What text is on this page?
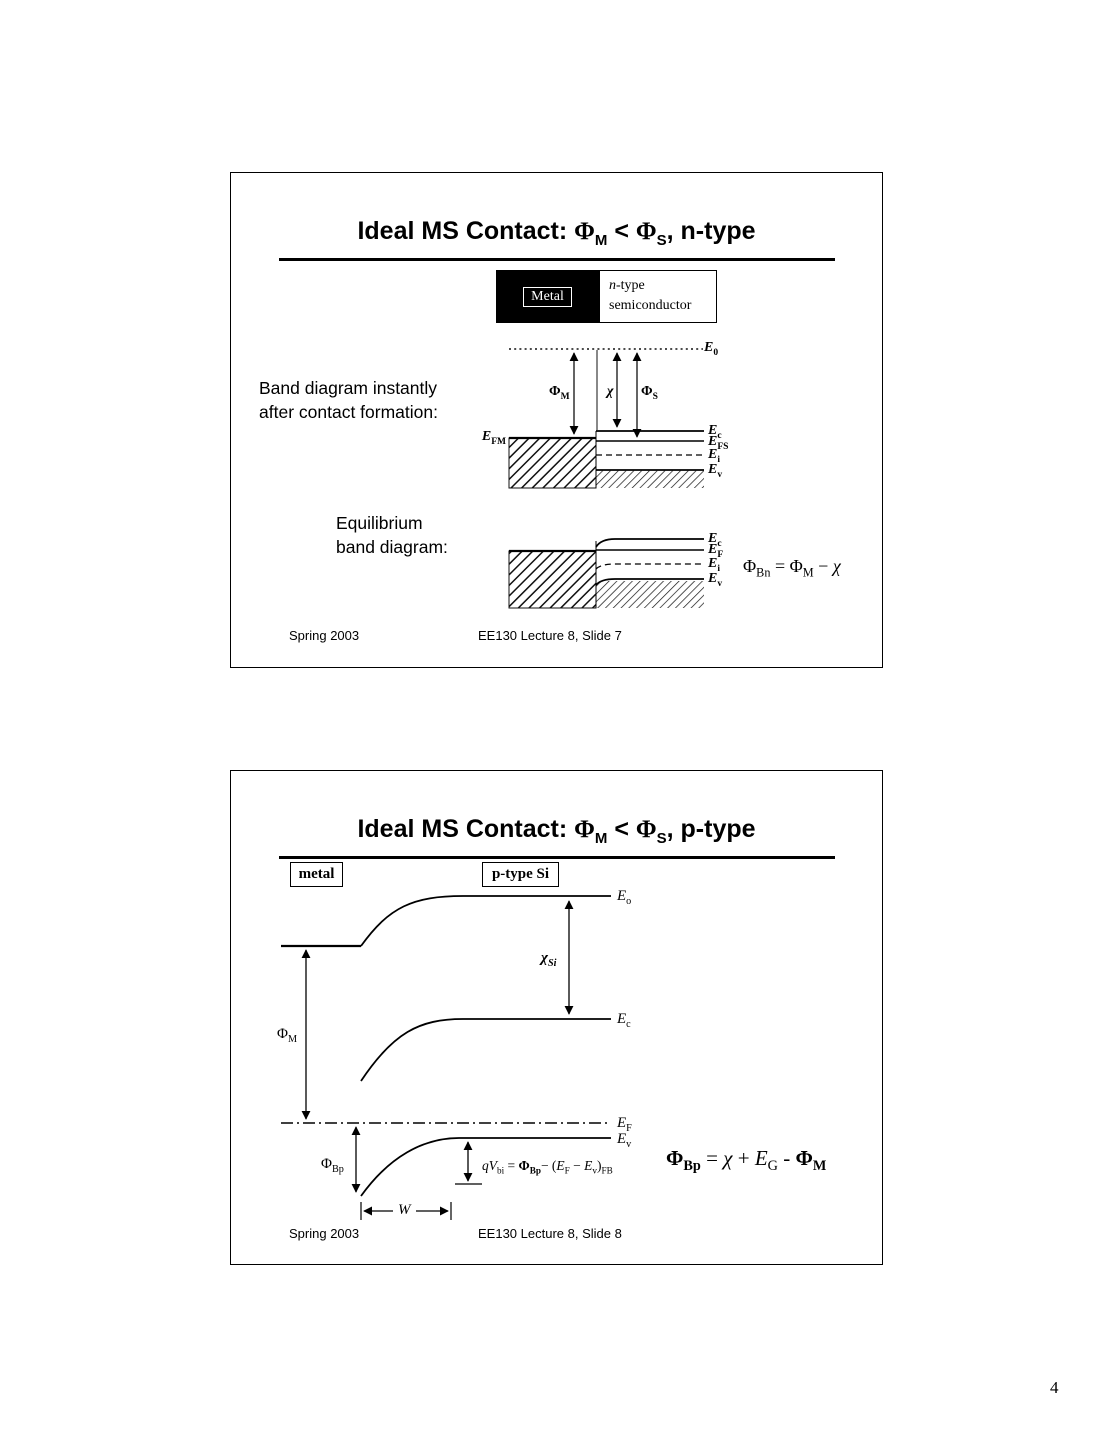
Ideal MS Contact: $\Phi_M < \Phi_S$, n-type
Metal
n-type
semiconductor
Band diagram instantly
after contact formation:
Equilibrium
band diagram:
$E_0$
$\Phi_M$	χ $\Phi_S$
$E_{FM}$
$E_c$
$E_{FS}$
$E_i$
$E_v$
$E_c$
$E_F$
$E_i$
$E_v$
$\Phi_{Bn} = \Phi_M - \chi$
Spring 2003	EE130 Lecture 8, Slide 7
Ideal MS Contact: $\Phi_M < \Phi_S$, p-type
metal	p-type Si
$E_o$
$\chi_{Si}$
$E_c$
$E_F$
$E_v$
$\Phi_M$
$\Phi_{Bp}$
W
$qV_{bi} = \Phi_{Bp}- (E_F - E_v)_{FB}$
$\Phi_{Bp} = \chi + E_G - \Phi_M$
Spring 2003	EE130 Lecture 8, Slide 8
4
